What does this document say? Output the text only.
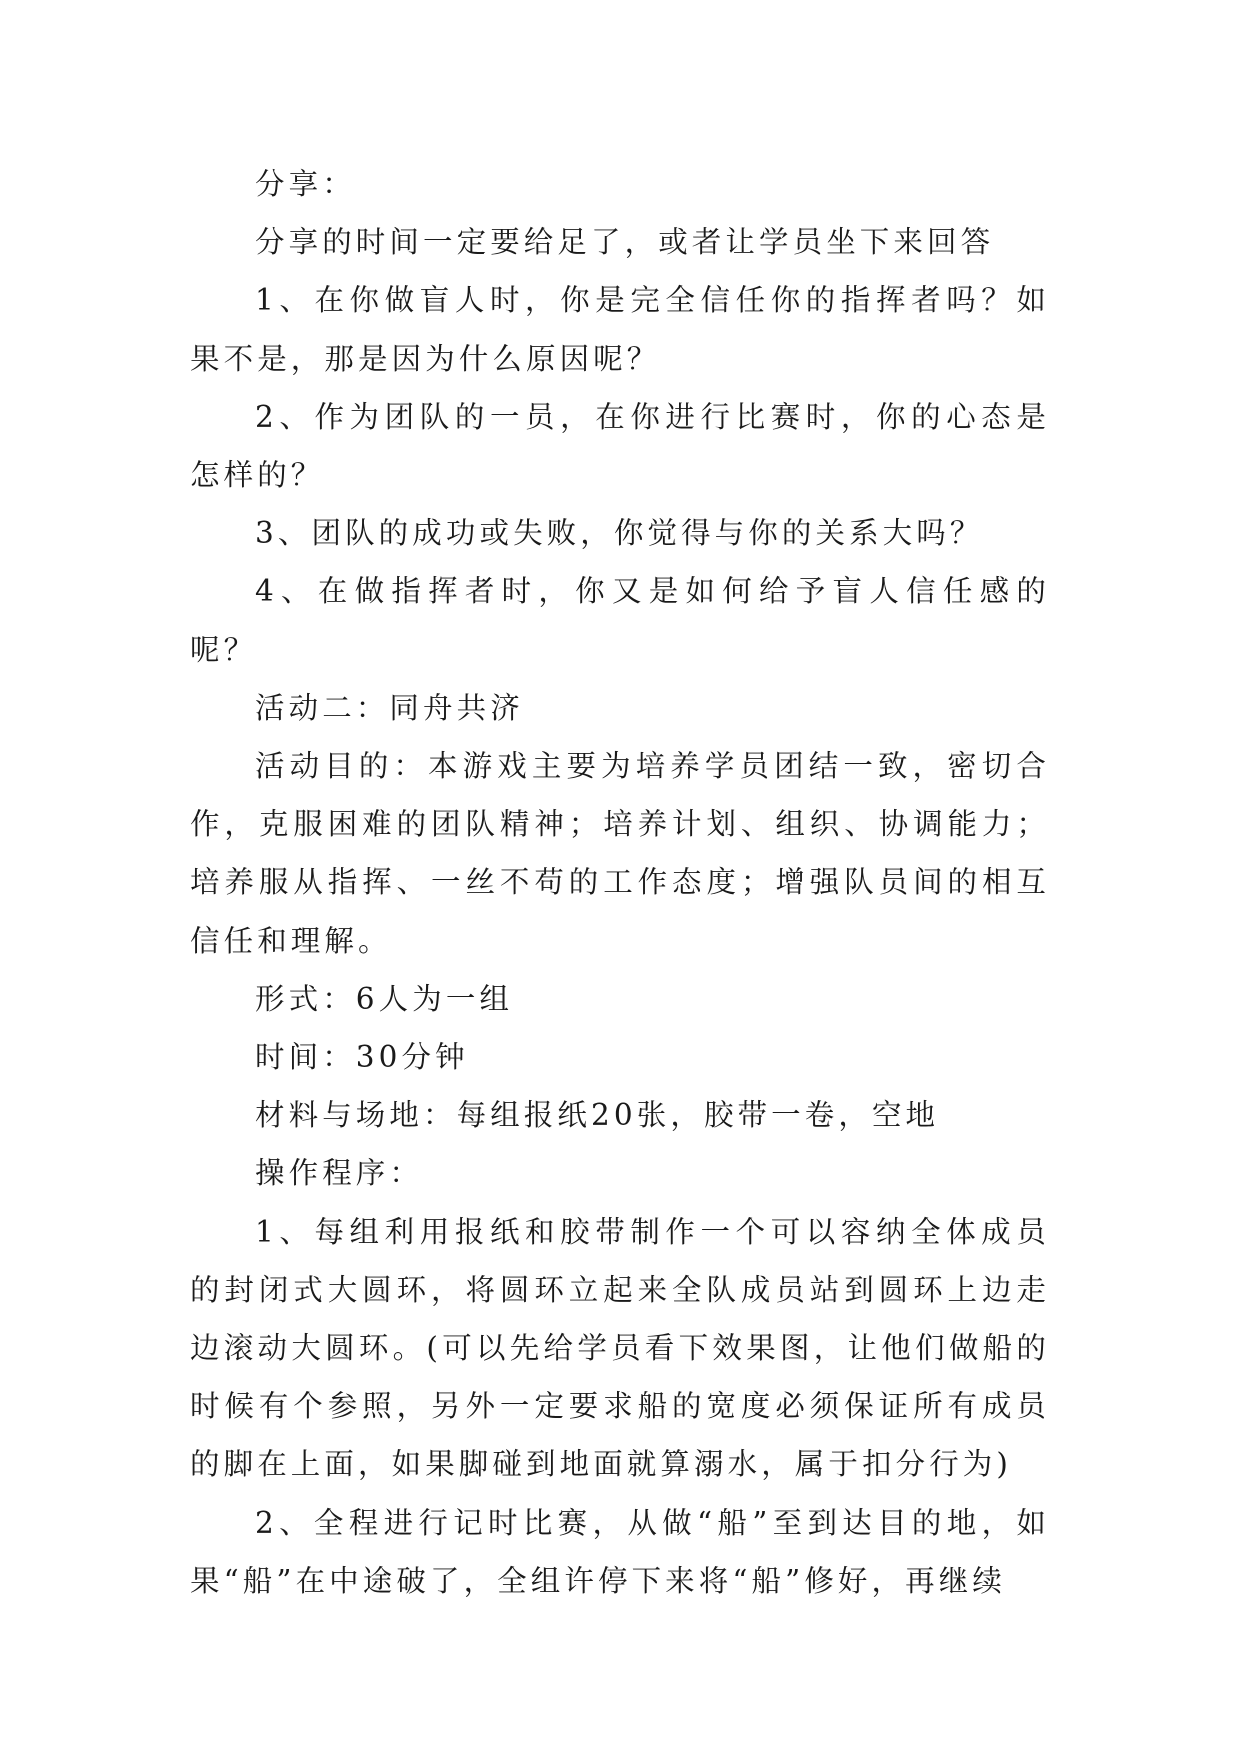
分享：

分享的时间一定要给足了，或者让学员坐下来回答

1、在你做盲人时，你是完全信任你的指挥者吗？如果不是，那是因为什么原因呢？

2、作为团队的一员，在你进行比赛时，你的心态是怎样的？

3、团队的成功或失败，你觉得与你的关系大吗？

4、在做指挥者时，你又是如何给予盲人信任感的呢？

活动二：同舟共济

活动目的：本游戏主要为培养学员团结一致，密切合作，克服困难的团队精神；培养计划、组织、协调能力；培养服从指挥、一丝不苟的工作态度；增强队员间的相互信任和理解。

形式：6人为一组

时间：30分钟

材料与场地：每组报纸20张，胶带一卷，空地

操作程序：

1、每组利用报纸和胶带制作一个可以容纳全体成员的封闭式大圆环，将圆环立起来全队成员站到圆环上边走边滚动大圆环。(可以先给学员看下效果图，让他们做船的时候有个参照，另外一定要求船的宽度必须保证所有成员的脚在上面，如果脚碰到地面就算溺水，属于扣分行为)

2、全程进行记时比赛，从做“船”至到达目的地，如果“船”在中途破了，全组许停下来将“船”修好，再继续
